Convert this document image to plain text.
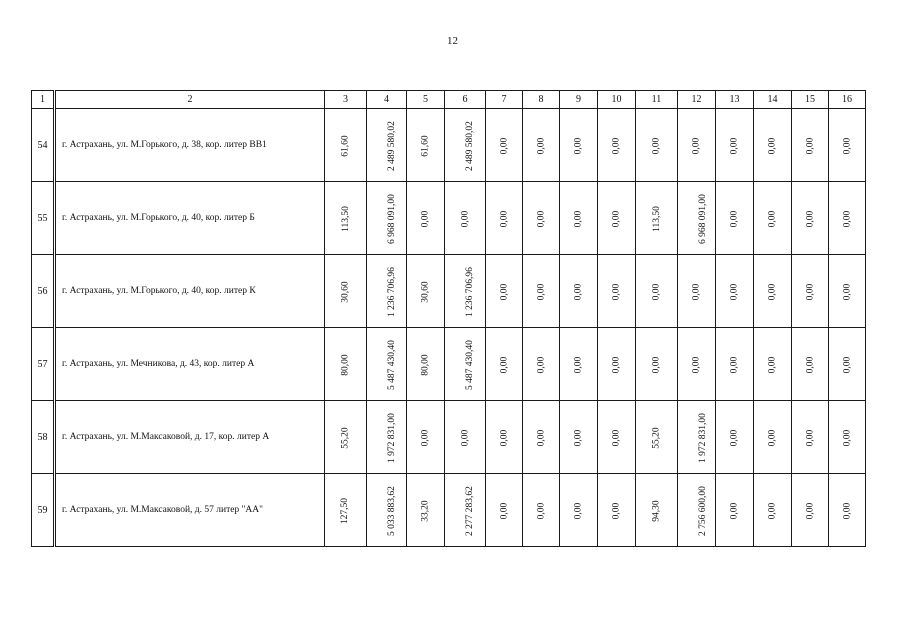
12
1	2	3	4	5	6	7	8	9	10	11	12	13	14	15	16
54	г. Астрахань, ул. М.Горького, д. 38, кор. литер ВВ1	61,60	2 489 580,02	61,60	2 489 580,02	0,00	0,00	0,00	0,00	0,00	0,00	0,00	0,00	0,00	0,00
55	г. Астрахань, ул. М.Горького, д. 40, кор. литер Б	113,50	6 968 091,00	0,00	0,00	0,00	0,00	0,00	0,00	113,50	6 968 091,00	0,00	0,00	0,00	0,00
56	г. Астрахань, ул. М.Горького, д. 40, кор. литер К	30,60	1 236 706,96	30,60	1 236 706,96	0,00	0,00	0,00	0,00	0,00	0,00	0,00	0,00	0,00	0,00
57	г. Астрахань, ул. Мечникова, д. 43, кор. литер А	80,00	5 487 430,40	80,00	5 487 430,40	0,00	0,00	0,00	0,00	0,00	0,00	0,00	0,00	0,00	0,00
58	г. Астрахань, ул. М.Максаковой, д. 17, кор. литер А	55,20	1 972 831,00	0,00	0,00	0,00	0,00	0,00	0,00	55,20	1 972 831,00	0,00	0,00	0,00	0,00
59	г. Астрахань, ул. М.Максаковой, д. 57 литер "АА"	127,50	5 033 883,62	33,20	2 277 283,62	0,00	0,00	0,00	0,00	94,30	2 756 600,00	0,00	0,00	0,00	0,00
